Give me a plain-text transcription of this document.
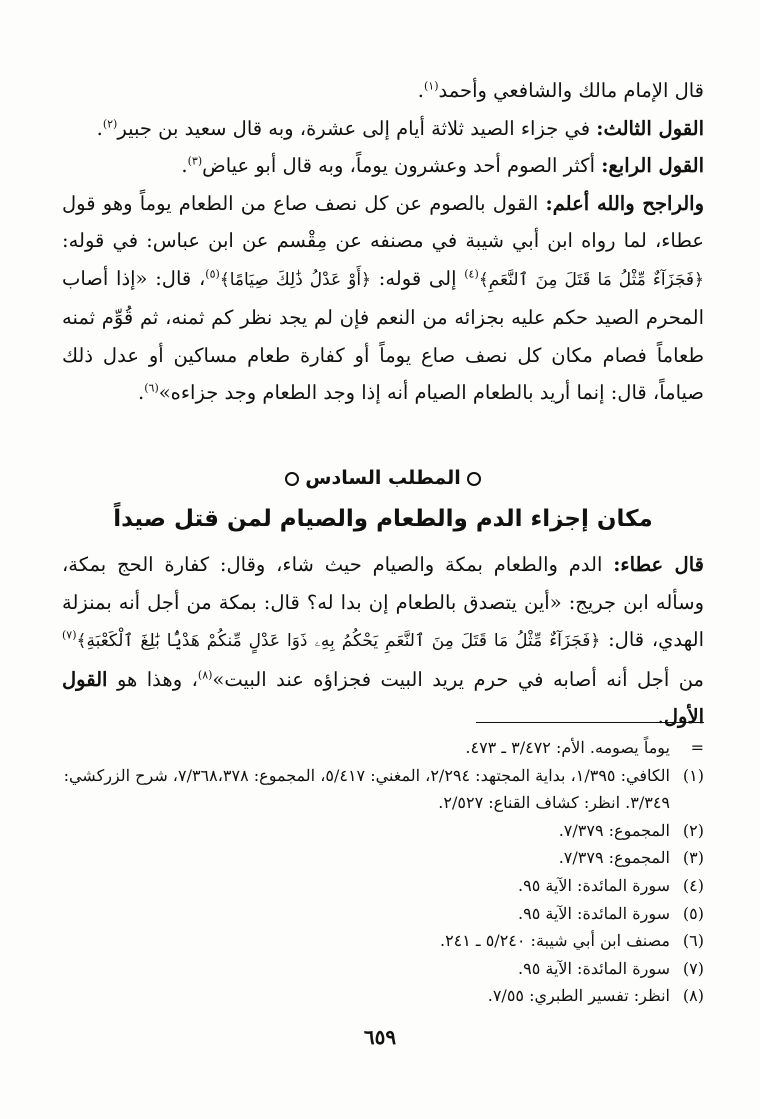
قال الإمام مالك والشافعي وأحمد$^{(١)}$.

القول الثالث: في جزاء الصيد ثلاثة أيام إلى عشرة، وبه قال سعيد بن جبير$^{(٢)}$.

القول الرابع: أكثر الصوم أحد وعشرون يوماً، وبه قال أبو عياض$^{(٣)}$.

والراجح والله أعلم: القول بالصوم عن كل نصف صاع من الطعام يوماً وهو قول عطاء، لما رواه ابن أبي شيبة في مصنفه عن مِقْسم عن ابن عباس: في قوله: ﴿فَجَزَآءٌ مِّثْلُ مَا قَتَلَ مِنَ ٱلنَّعَمِ﴾$^{(٤)}$ إلى قوله: ﴿أَوْ عَدْلُ ذَٰلِكَ صِيَامًا﴾$^{(٥)}$، قال: «إذا أصاب المحرم الصيد حكم عليه بجزائه من النعم فإن لم يجد نظر كم ثمنه، ثم قُوِّم ثمنه طعاماً فصام مكان كل نصف صاع يوماً أو كفارة طعام مساكين أو عدل ذلك صياماً، قال: إنما أريد بالطعام الصيام أنه إذا وجد الطعام وجد جزاءه»$^{(٦)}$.

المطلب السادس
مكان إجزاء الدم والطعام والصيام لمن قتل صيداً

قال عطاء: الدم والطعام بمكة والصيام حيث شاء، وقال: كفارة الحج بمكة، وسأله ابن جريج: «أين يتصدق بالطعام إن بدا له؟ قال: بمكة من أجل أنه بمنزلة الهدي، قال: ﴿فَجَزَآءٌ مِّثْلُ مَا قَتَلَ مِنَ ٱلنَّعَمِ يَحْكُمُ بِهِۦ ذَوَا عَدْلٍ مِّنكُمْ هَدْيًۢا بَٰلِغَ ٱلْكَعْبَةِ﴾$^{(٧)}$ من أجل أنه أصابه في حرم يريد البيت فجزاؤه عند البيت»$^{(٨)}$، وهذا هو القول الأول.

=
يوماً يصومه. الأم: ٣/٤٧٢ ـ ٤٧٣.
(١)
الكافي: ١/٣٩٥، بداية المجتهد: ٢/٢٩٤، المغني: ٥/٤١٧، المجموع: ٧/٣٦٨،٣٧٨، شرح الزركشي: ٣/٣٤٩. انظر: كشاف القناع: ٢/٥٢٧.
(٢)
المجموع: ٧/٣٧٩.
(٣)
المجموع: ٧/٣٧٩.
(٤)
سورة المائدة: الآية ٩٥.
(٥)
سورة المائدة: الآية ٩٥.
(٦)
مصنف ابن أبي شيبة: ٥/٢٤٠ ـ ٢٤١.
(٧)
سورة المائدة: الآية ٩٥.
(٨)
انظر: تفسير الطبري: ٧/٥٥.
٦٥٩
